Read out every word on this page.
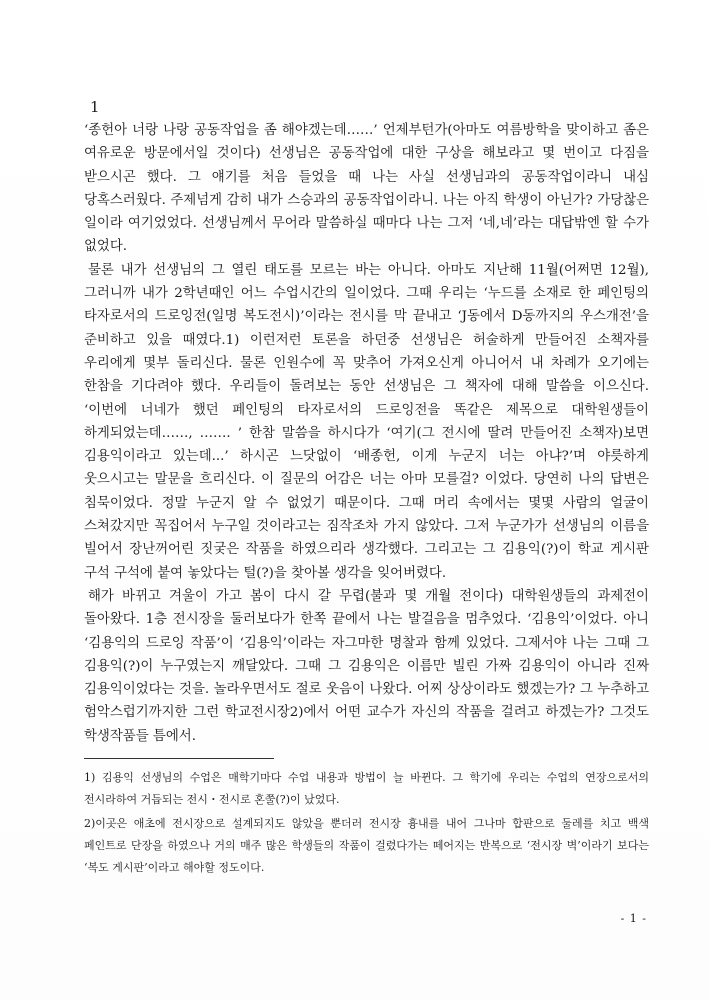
1

‘종헌아 너랑 나랑 공동작업을 좀 해야겠는데……’ 언제부턴가(아마도 여름방학을 맞이하고 좀은 여유로운 방문에서일 것이다) 선생님은 공동작업에 대한 구상을 해보라고 몇 번이고 다짐을 받으시곤 했다. 그 얘기를 처음 들었을 때 나는 사실 선생님과의 공동작업이라니 내심 당혹스러웠다. 주제넘게 감히 내가 스승과의 공동작업이라니. 나는 아직 학생이 아닌가? 가당찮은 일이라 여기었었다. 선생님께서 무어라 말씀하실 때마다 나는 그저 ‘네,네’라는 대답밖엔 할 수가 없었다.

물론 내가 선생님의 그 열린 태도를 모르는 바는 아니다. 아마도 지난해 11월(어쩌면 12월), 그러니까 내가 2학년때인 어느 수업시간의 일이었다. 그때 우리는 ‘누드를 소재로 한 페인팅의 타자로서의 드로잉전(일명 복도전시)’이라는 전시를 막 끝내고 ‘J동에서 D동까지의 우스개전’을 준비하고 있을 때였다.1) 이런저런 토론을 하던중 선생님은 허술하게 만들어진 소책자를 우리에게 몇부 돌리신다. 물론 인원수에 꼭 맞추어 가져오신게 아니어서 내 차례가 오기에는 한참을 기다려야 했다. 우리들이 돌려보는 동안 선생님은 그 책자에 대해 말씀을 이으신다. ‘이번에 너네가 했던 페인팅의 타자로서의 드로잉전을 똑같은 제목으로 대학원생들이 하게되었는데……, ……. ’ 한참 말씀을 하시다가 ‘여기(그 전시에 딸려 만들어진 소책자)보면 김용익이라고 있는데...’ 하시곤 느닷없이 ‘배종헌, 이게 누군지 너는 아냐?’며 야릇하게 웃으시고는 말문을 흐리신다. 이 질문의 어감은 너는 아마 모를걸? 이었다. 당연히 나의 답변은 침묵이었다. 정말 누군지 알 수 없었기 때문이다. 그때 머리 속에서는 몇몇 사람의 얼굴이 스쳐갔지만 꼭집어서 누구일 것이라고는 짐작조차 가지 않았다. 그저 누군가가 선생님의 이름을 빌어서 장난꺼어린 짓궂은 작품을 하였으리라 생각했다. 그리고는 그 김용익(?)이 학교 게시판 구석 구석에 붙여 놓았다는 털(?)을 찾아볼 생각을 잊어버렸다.

해가 바뀌고 겨울이 가고 봄이 다시 갈 무렵(불과 몇 개월 전이다) 대학원생들의 과제전이 돌아왔다. 1층 전시장을 둘러보다가 한쪽 끝에서 나는 발걸음을 멈추었다. ‘김용익’이었다. 아니 ‘김용익의 드로잉 작품’이 ‘김용익’이라는 자그마한 명찰과 함께 있었다. 그제서야 나는 그때 그 김용익(?)이 누구였는지 깨달았다. 그때 그 김용익은 이름만 빌린 가짜 김용익이 아니라 진짜 김용익이었다는 것을. 놀라우면서도 절로 웃음이 나왔다. 어찌 상상이라도 했겠는가? 그 누추하고 험악스럽기까지한 그런 학교전시장2)에서 어떤 교수가 자신의 작품을 걸려고 하겠는가? 그것도 학생작품들 틈에서.

1) 김용익 선생님의 수업은 매학기마다 수업 내용과 방법이 늘 바뀐다. 그 학기에 우리는 수업의 연장으로서의 전시라하여 거듭되는 전시・전시로 혼쭐(?)이 났었다.

2)이곳은 애초에 전시장으로 설계되지도 않았을 뿐더러 전시장 흉내를 내어 그나마 합판으로 둘레를 치고 백색 페인트로 단장을 하였으나 거의 매주 많은 학생들의 작품이 걸렸다가는 떼어지는 반복으로 ‘전시장 벽’이라기 보다는 ‘복도 게시판’이라고 해야할 정도이다.

- 1 -
